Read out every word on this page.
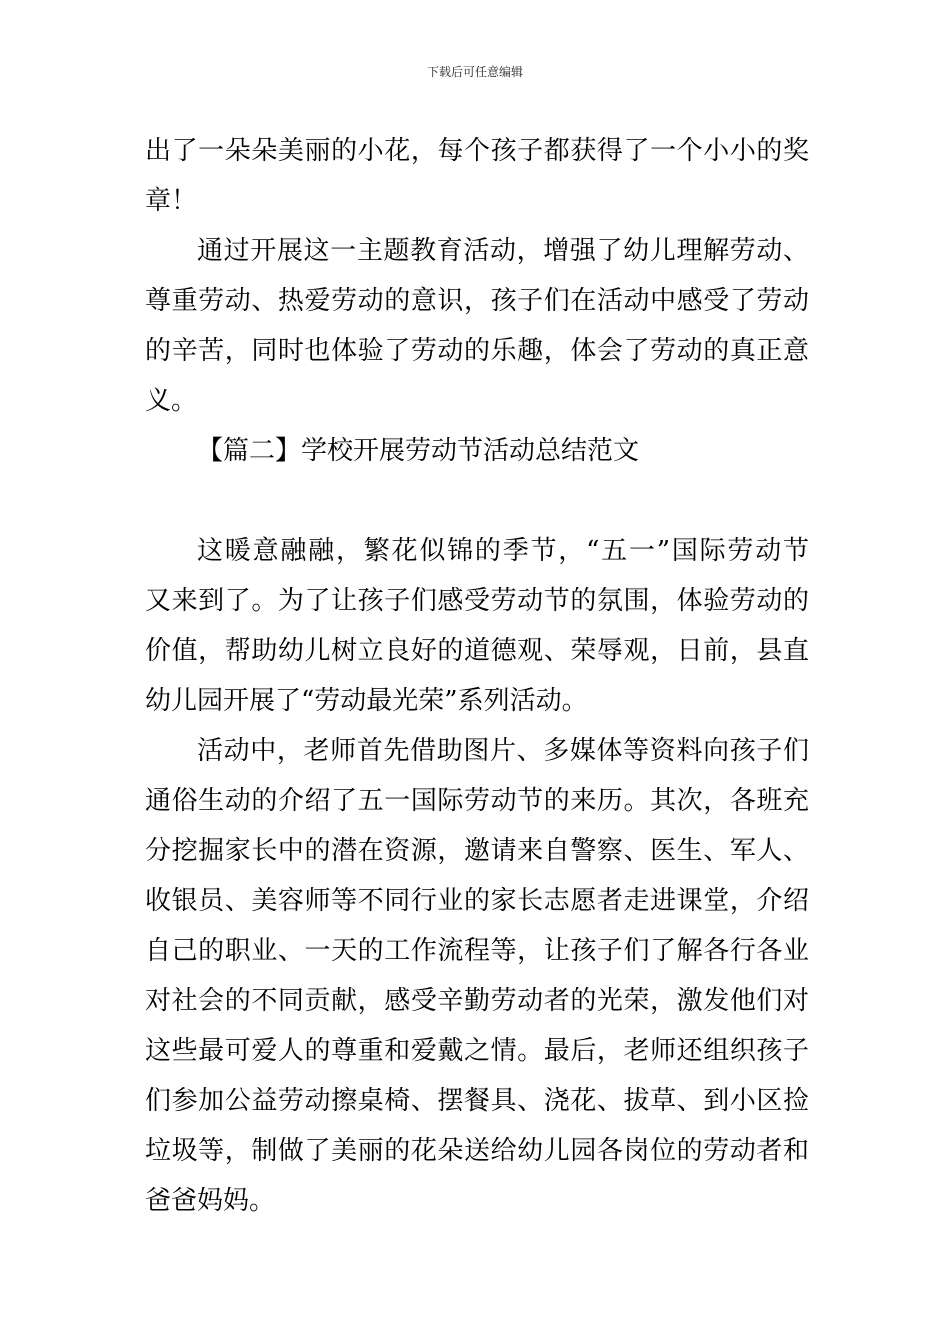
下载后可任意编辑
出了一朵朵美丽的小花，每个孩子都获得了一个小小的奖
章！
通过开展这一主题教育活动，增强了幼儿理解劳动、
尊重劳动、热爱劳动的意识，孩子们在活动中感受了劳动
的辛苦，同时也体验了劳动的乐趣，体会了劳动的真正意
义。
【篇二】学校开展劳动节活动总结范文
这暖意融融，繁花似锦的季节，“五一”国际劳动节
又来到了。为了让孩子们感受劳动节的氛围，体验劳动的
价值，帮助幼儿树立良好的道德观、荣辱观，日前，县直
幼儿园开展了“劳动最光荣”系列活动。
活动中，老师首先借助图片、多媒体等资料向孩子们
通俗生动的介绍了五一国际劳动节的来历。其次，各班充
分挖掘家长中的潜在资源，邀请来自警察、医生、军人、
收银员、美容师等不同行业的家长志愿者走进课堂，介绍
自己的职业、一天的工作流程等，让孩子们了解各行各业
对社会的不同贡献，感受辛勤劳动者的光荣，激发他们对
这些最可爱人的尊重和爱戴之情。最后，老师还组织孩子
们参加公益劳动擦桌椅、摆餐具、浇花、拔草、到小区捡
垃圾等，制做了美丽的花朵送给幼儿园各岗位的劳动者和
爸爸妈妈。
